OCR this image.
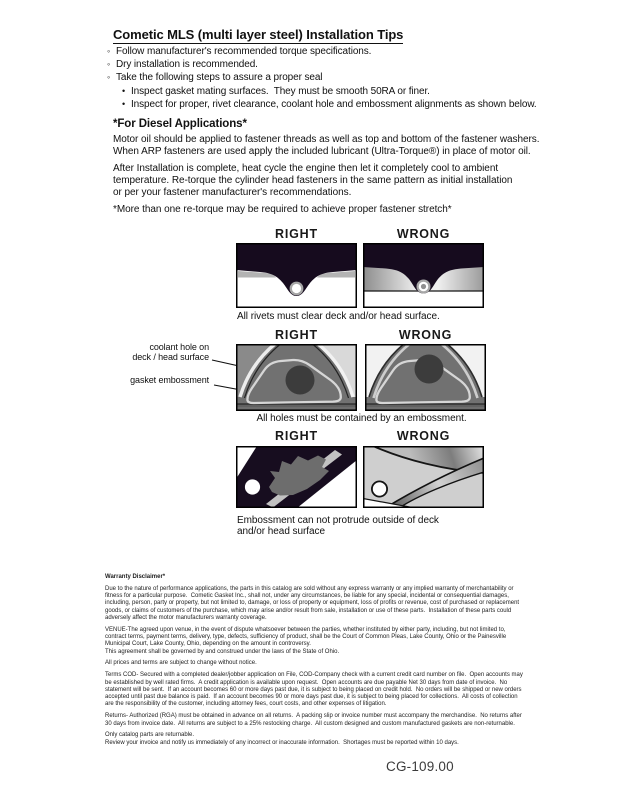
Cometic MLS (multi layer steel) Installation Tips
◦ Follow manufacturer's recommended torque specifications.
◦ Dry installation is recommended.
◦ Take the following steps to assure a proper seal
• Inspect gasket mating surfaces.  They must be smooth 50RA or finer.
• Inspect for proper, rivet clearance, coolant hole and embossment alignments as shown below.
*For Diesel Applications*
Motor oil should be applied to fastener threads as well as top and bottom of the fastener washers.
When ARP fasteners are used apply the included lubricant (Ultra-Torque®) in place of motor oil.
After Installation is complete, heat cycle the engine then let it completely cool to ambient
temperature. Re-torque the cylinder head fasteners in the same pattern as initial installation
or per your fastener manufacturer's recommendations.
*More than one re-torque may be required to achieve proper fastener stretch*
RIGHT	WRONG
All rivets must clear deck and/or head surface.
RIGHT	WRONG
coolant hole on
deck / head surface
gasket embossment
All holes must be contained by an embossment.
RIGHT	WRONG
Embossment can not protrude outside of deck
and/or head surface
Warranty Disclaimer*
Due to the nature of performance applications, the parts in this catalog are sold without any express warranty or any implied warranty of merchantability or
fitness for a particular purpose.  Cometic Gasket Inc., shall not, under any circumstances, be liable for any special, incidental or consequential damages,
including, person, party or property, but not limited to, damage, or loss of property or equipment, loss of profits or revenue, cost of purchased or replacement
goods, or claims of customers of the purchase, which may arise and/or result from sale, installation or use of these parts.  Installation of these parts could
adversely affect the motor manufacturers warranty coverage.
VENUE-The agreed upon venue, in the event of dispute whatsoever between the parties, whether instituted by either party, including, but not limited to,
contract terms, payment terms, delivery, type, defects, sufficiency of product, shall be the Court of Common Pleas, Lake County, Ohio or the Painesville
Municipal Court, Lake County, Ohio, depending on the amount in controversy.
This agreement shall be governed by and construed under the laws of the State of Ohio.
All prices and terms are subject to change without notice.
Terms COD- Secured with a completed dealer/jobber application on File, COD-Company check with a current credit card number on file.  Open accounts may
be established by well rated firms.  A credit application is available upon request.  Open accounts are due payable Net 30 days from date of invoice.  No
statement will be sent.  If an account becomes 60 or more days past due, it is subject to being placed on credit hold.  No orders will be shipped or new orders
accepted until past due balance is paid.  If an account becomes 90 or more days past due, it is subject to being placed for collections.  All costs of collection
are the responsibility of the customer, including attorney fees, court costs, and other expenses of litigation.
Returns- Authorized (RGA) must be obtained in advance on all returns.  A packing slip or invoice number must accompany the merchandise.  No returns after
30 days from invoice date.  All returns are subject to a 25% restocking charge.  All custom designed and custom manufactured gaskets are non-returnable.
Only catalog parts are returnable.
Review your invoice and notify us immediately of any incorrect or inaccurate information.  Shortages must be reported within 10 days.
CG-109.00
